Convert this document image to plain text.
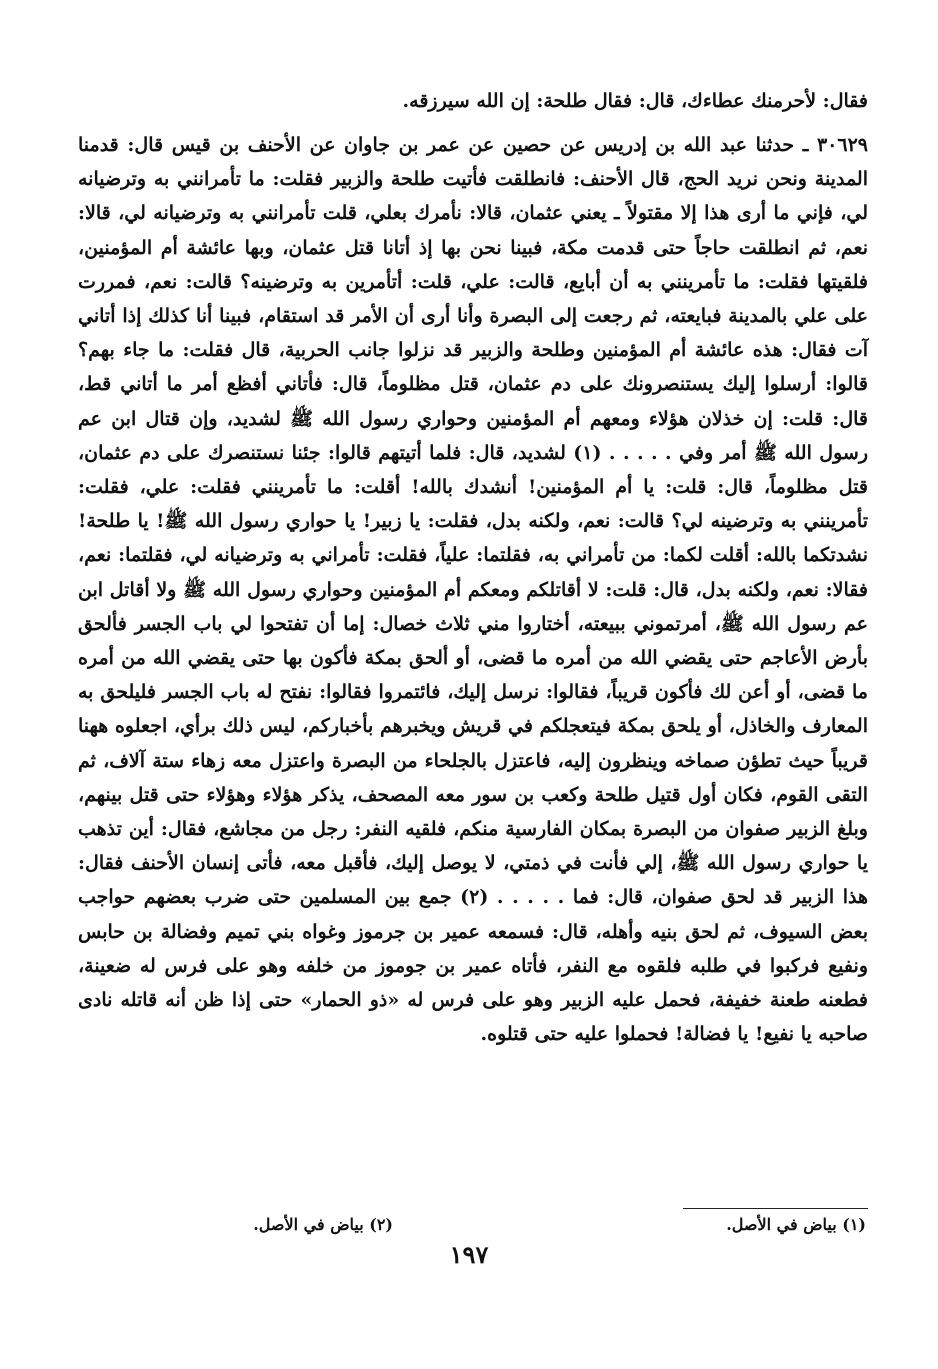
فقال: لأحرمنك عطاءك، قال: فقال طلحة: إن الله سيرزقه.

٣٠٦٢٩ ـ حدثنا عبد الله بن إدريس عن حصين عن عمر بن جاوان عن الأحنف بن قيس قال: قدمنا المدينة ونحن نريد الحج، قال الأحنف: فانطلقت فأتيت طلحة والزبير فقلت: ما تأمرانني به وترضيانه لي، فإني ما أرى هذا إلا مقتولاً ـ يعني عثمان، قالا: نأمرك بعلي، قلت تأمرانني به وترضيانه لي، قالا: نعم، ثم انطلقت حاجاً حتى قدمت مكة، فبينا نحن بها إذ أتانا قتل عثمان، وبها عائشة أم المؤمنين، فلقيتها فقلت: ما تأمرينني به أن أبايع، قالت: علي، قلت: أتأمرين به وترضينه؟ قالت: نعم، فمررت على علي بالمدينة فبايعته، ثم رجعت إلى البصرة وأنا أرى أن الأمر قد استقام، فبينا أنا كذلك إذا أتاني آت فقال: هذه عائشة أم المؤمنين وطلحة والزبير قد نزلوا جانب الحربية، قال فقلت: ما جاء بهم؟ قالوا: أرسلوا إليك يستنصرونك على دم عثمان، قتل مظلوماً، قال: فأتاني أفظع أمر ما أتاني قط، قال: قلت: إن خذلان هؤلاء ومعهم أم المؤمنين وحواري رسول الله ﷺ لشديد، وإن قتال ابن عم رسول الله ﷺ أمر وفي . . . . . (١) لشديد، قال: فلما أتيتهم قالوا: جئنا نستنصرك على دم عثمان، قتل مظلوماً، قال: قلت: يا أم المؤمنين! أنشدك بالله! أقلت: ما تأمرينني فقلت: علي، فقلت: تأمرينني به وترضينه لي؟ قالت: نعم، ولكنه بدل، فقلت: يا زبير! يا حواري رسول الله ﷺ! يا طلحة! نشدتكما بالله: أقلت لكما: من تأمراني به، فقلتما: علياً، فقلت: تأمراني به وترضيانه لي، فقلتما: نعم، فقالا: نعم، ولكنه بدل، قال: قلت: لا أقاتلكم ومعكم أم المؤمنين وحواري رسول الله ﷺ ولا أقاتل ابن عم رسول الله ﷺ، أمرتموني ببيعته، أختاروا مني ثلاث خصال: إما أن تفتحوا لي باب الجسر فألحق بأرض الأعاجم حتى يقضي الله من أمره ما قضى، أو ألحق بمكة فأكون بها حتى يقضي الله من أمره ما قضى، أو أعن لك فأكون قريباً، فقالوا: نرسل إليك، فائتمروا فقالوا: نفتح له باب الجسر فليلحق به المعارف والخاذل، أو يلحق بمكة فيتعجلكم في قريش ويخبرهم بأخباركم، ليس ذلك برأي، اجعلوه ههنا قريباً حيث تطؤن صماخه وينظرون إليه، فاعتزل بالجلحاء من البصرة واعتزل معه زهاء ستة آلاف، ثم التقى القوم، فكان أول قتيل طلحة وكعب بن سور معه المصحف، يذكر هؤلاء وهؤلاء حتى قتل بينهم، وبلغ الزبير صفوان من البصرة بمكان الفارسية منكم، فلقيه النفر: رجل من مجاشع، فقال: أين تذهب يا حواري رسول الله ﷺ، إلي فأنت في ذمتي، لا يوصل إليك، فأقبل معه، فأتى إنسان الأحنف فقال: هذا الزبير قد لحق صفوان، قال: فما . . . . . (٢) جمع بين المسلمين حتى ضرب بعضهم حواجب بعض السيوف، ثم لحق بنيه وأهله، قال: فسمعه عمير بن جرموز وغواه بني تميم وفضالة بن حابس ونفيع فركبوا في طلبه فلقوه مع النفر، فأتاه عمير بن جوموز من خلفه وهو على فرس له ضعينة، فطعنه طعنة خفيفة، فحمل عليه الزبير وهو على فرس له «ذو الحمار» حتى إذا ظن أنه قاتله نادى صاحبه يا نفيع! يا فضالة! فحملوا عليه حتى قتلوه.

(١) بياض في الأصل.
(٢) بياض في الأصل.
١٩٧
